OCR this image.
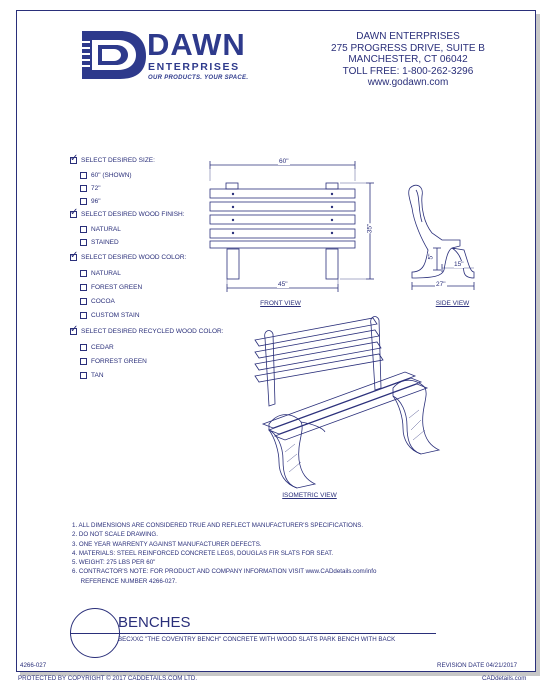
DAWN
ENTERPRISES
OUR PRODUCTS. YOUR SPACE.
DAWN ENTERPRISES
275 PROGRESS DRIVE, SUITE B
MANCHESTER, CT 06042
TOLL FREE: 1-800-262-3296
www.godawn.com
✓
SELECT DESIRED SIZE:
60" (SHOWN)
72"
96"
✓
SELECT DESIRED WOOD FINISH:
NATURAL
STAINED
✓
SELECT DESIRED WOOD COLOR:
NATURAL
FOREST GREEN
COCOA
CUSTOM STAIN
✓
SELECT DESIRED RECYCLED WOOD COLOR:
CEDAR
FORREST GREEN
TAN
60"
35"
45"
FRONT VIEW
15"
27"
5"
SIDE VIEW
ISOMETRIC VIEW
1. ALL DIMENSIONS ARE CONSIDERED TRUE AND REFLECT MANUFACTURER'S SPECIFICATIONS.
2. DO NOT SCALE DRAWING.
3. ONE YEAR WARRENTY AGAINST MANUFACTURER DEFECTS.
4. MATERIALS: STEEL REINFORCED CONCRETE LEGS, DOUGLAS FIR SLATS FOR SEAT.
5. WEIGHT: 275 LBS PER 60"
6. CONTRACTOR'S NOTE: FOR PRODUCT AND COMPANY INFORMATION VISIT www.CADdetails.com/info
REFERENCE NUMBER 4266-027.
BENCHES
BECXXC "THE COVENTRY BENCH" CONCRETE WITH WOOD SLATS PARK BENCH WITH BACK
4266-027	REVISION DATE 04/21/2017
PROTECTED BY COPYRIGHT © 2017 CADDETAILS.COM LTD.	CADdetails.com
